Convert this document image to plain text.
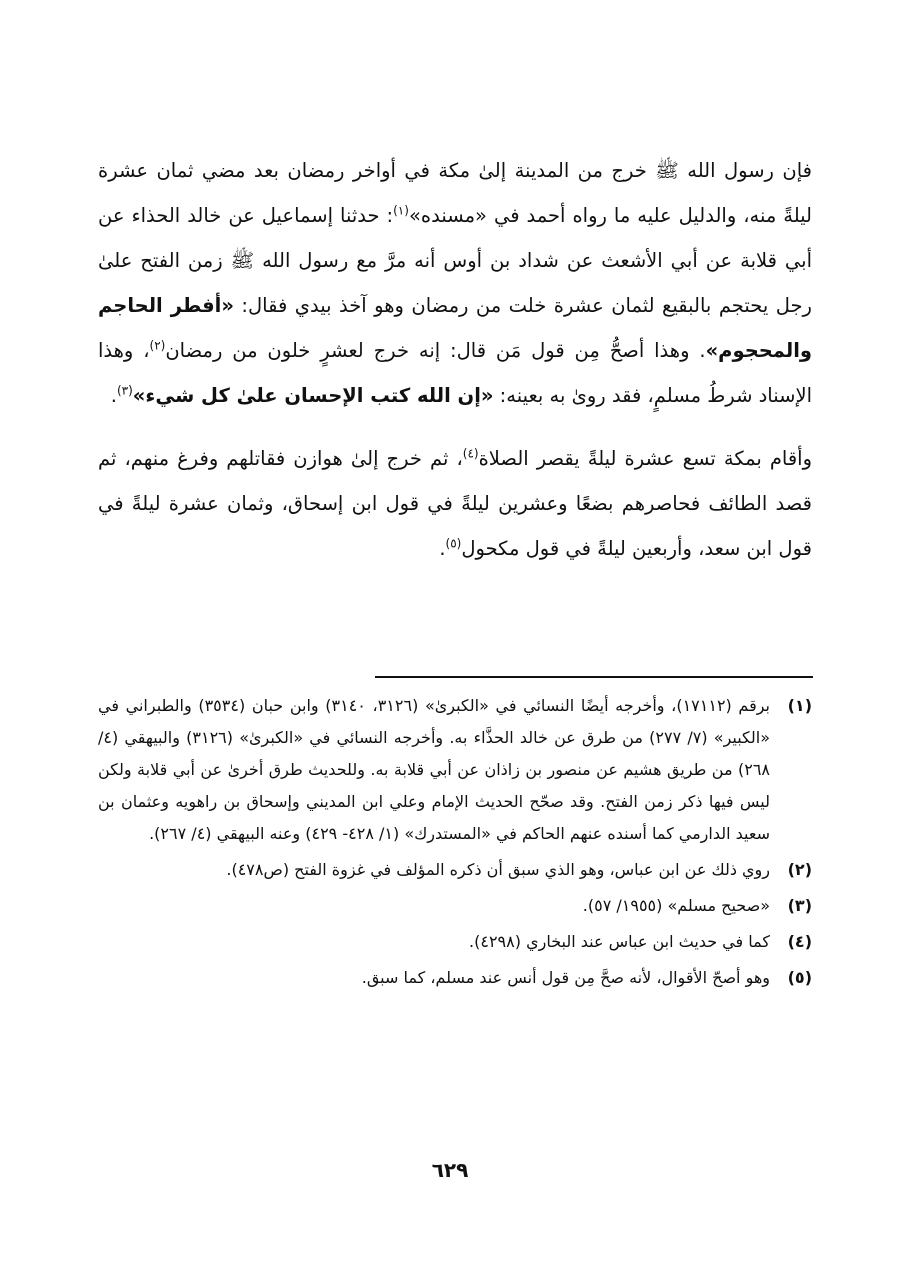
فإن رسول الله ﷺ خرج من المدينة إلىٰ مكة في أواخر رمضان بعد مضي ثمان عشرة ليلةً منه، والدليل عليه ما رواه أحمد في «مسنده»$^{(١)}$: حدثنا إسماعيل عن خالد الحذاء عن أبي قلابة عن أبي الأشعث عن شداد بن أوس أنه مرَّ مع رسول الله ﷺ زمن الفتح علىٰ رجل يحتجم بالبقيع لثمان عشرة خلت من رمضان وهو آخذ بيدي فقال: «أفطر الحاجم والمحجوم». وهذا أصحُّ مِن قول مَن قال: إنه خرج لعشرٍ خلون من رمضان$^{(٢)}$، وهذا الإسناد شرطُ مسلمٍ، فقد روىٰ به بعينه: «إن الله كتب الإحسان علىٰ كل شيء»$^{(٣)}$.

وأقام بمكة تسع عشرة ليلةً يقصر الصلاة$^{(٤)}$، ثم خرج إلىٰ هوازن فقاتلهم وفرغ منهم، ثم قصد الطائف فحاصرهم بضعًا وعشرين ليلةً في قول ابن إسحاق، وثمان عشرة ليلةً في قول ابن سعد، وأربعين ليلةً في قول مكحول$^{(٥)}$.

(١)
برقم (١٧١١٢)، وأخرجه أيضًا النسائي في «الكبرىٰ» (٣١٢٦، ٣١٤٠) وابن حبان (٣٥٣٤) والطبراني في «الكبير» (٧/ ٢٧٧) من طرق عن خالد الحذَّاء به. وأخرجه النسائي في «الكبرىٰ» (٣١٢٦) والبيهقي (٤/ ٢٦٨) من طريق هشيم عن منصور بن زاذان عن أبي قلابة به. وللحديث طرق أخرىٰ عن أبي قلابة ولكن ليس فيها ذكر زمن الفتح. وقد صحّح الحديث الإمام وعلي ابن المديني وإسحاق بن راهويه وعثمان بن سعيد الدارمي كما أسنده عنهم الحاكم في «المستدرك» (١/ ٤٢٨- ٤٢٩) وعنه البيهقي (٤/ ٢٦٧).
(٢)
روي ذلك عن ابن عباس، وهو الذي سبق أن ذكره المؤلف في غزوة الفتح (ص٤٧٨).
(٣)
«صحيح مسلم» (١٩٥٥/ ٥٧).
(٤)
كما في حديث ابن عباس عند البخاري (٤٢٩٨).
(٥)
وهو أصحّ الأقوال، لأنه صحَّ مِن قول أنس عند مسلم، كما سبق.
٦٢٩
